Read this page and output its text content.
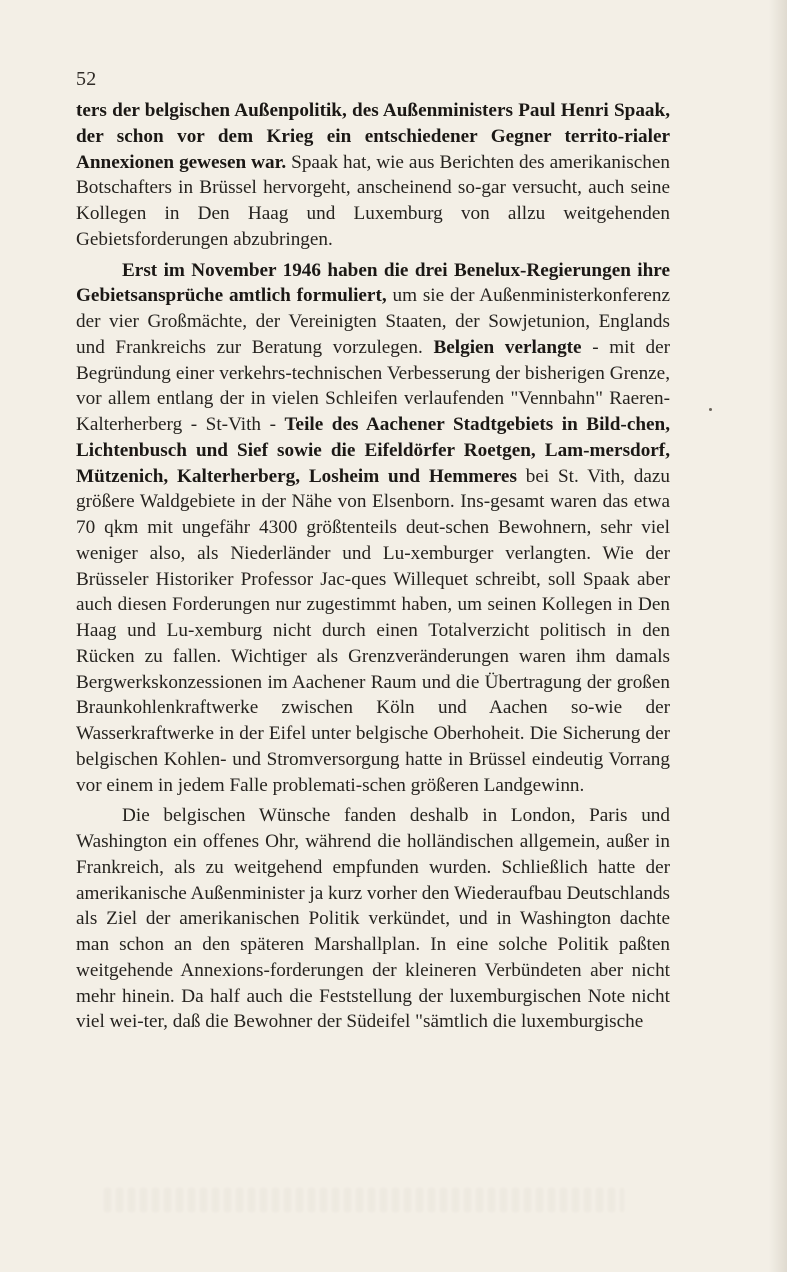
52

ters der belgischen Außenpolitik, des Außenministers Paul Henri Spaak, der schon vor dem Krieg ein entschiedener Gegner territo-rialer Annexionen gewesen war. Spaak hat, wie aus Berichten des amerikanischen Botschafters in Brüssel hervorgeht, anscheinend so-gar versucht, auch seine Kollegen in Den Haag und Luxemburg von allzu weitgehenden Gebietsforderungen abzubringen.

Erst im November 1946 haben die drei Benelux-Regierungen ihre Gebietsansprüche amtlich formuliert, um sie der Außenministerkonferenz der vier Großmächte, der Vereinigten Staaten, der Sowjetunion, Englands und Frankreichs zur Beratung vorzulegen. Belgien verlangte - mit der Begründung einer verkehrs-technischen Verbesserung der bisherigen Grenze, vor allem entlang der in vielen Schleifen verlaufenden "Vennbahn" Raeren-Kalterherberg - St-Vith - Teile des Aachener Stadtgebiets in Bild-chen, Lichtenbusch und Sief sowie die Eifeldörfer Roetgen, Lam-mersdorf, Mützenich, Kalterherberg, Losheim und Hemmeres bei St. Vith, dazu größere Waldgebiete in der Nähe von Elsenborn. Ins-gesamt waren das etwa 70 qkm mit ungefähr 4300 größtenteils deut-schen Bewohnern, sehr viel weniger also, als Niederländer und Lu-xemburger verlangten. Wie der Brüsseler Historiker Professor Jac-ques Willequet schreibt, soll Spaak aber auch diesen Forderungen nur zugestimmt haben, um seinen Kollegen in Den Haag und Lu-xemburg nicht durch einen Totalverzicht politisch in den Rücken zu fallen. Wichtiger als Grenzveränderungen waren ihm damals Bergwerkskonzessionen im Aachener Raum und die Übertragung der großen Braunkohlenkraftwerke zwischen Köln und Aachen so-wie der Wasserkraftwerke in der Eifel unter belgische Oberhoheit. Die Sicherung der belgischen Kohlen- und Stromversorgung hatte in Brüssel eindeutig Vorrang vor einem in jedem Falle problemati-schen größeren Landgewinn.

Die belgischen Wünsche fanden deshalb in London, Paris und Washington ein offenes Ohr, während die holländischen allgemein, außer in Frankreich, als zu weitgehend empfunden wurden. Schließlich hatte der amerikanische Außenminister ja kurz vorher den Wiederaufbau Deutschlands als Ziel der amerikanischen Politik verkündet, und in Washington dachte man schon an den späteren Marshallplan. In eine solche Politik paßten weitgehende Annexions-forderungen der kleineren Verbündeten aber nicht mehr hinein. Da half auch die Feststellung der luxemburgischen Note nicht viel wei-ter, daß die Bewohner der Südeifel "sämtlich die luxemburgische
